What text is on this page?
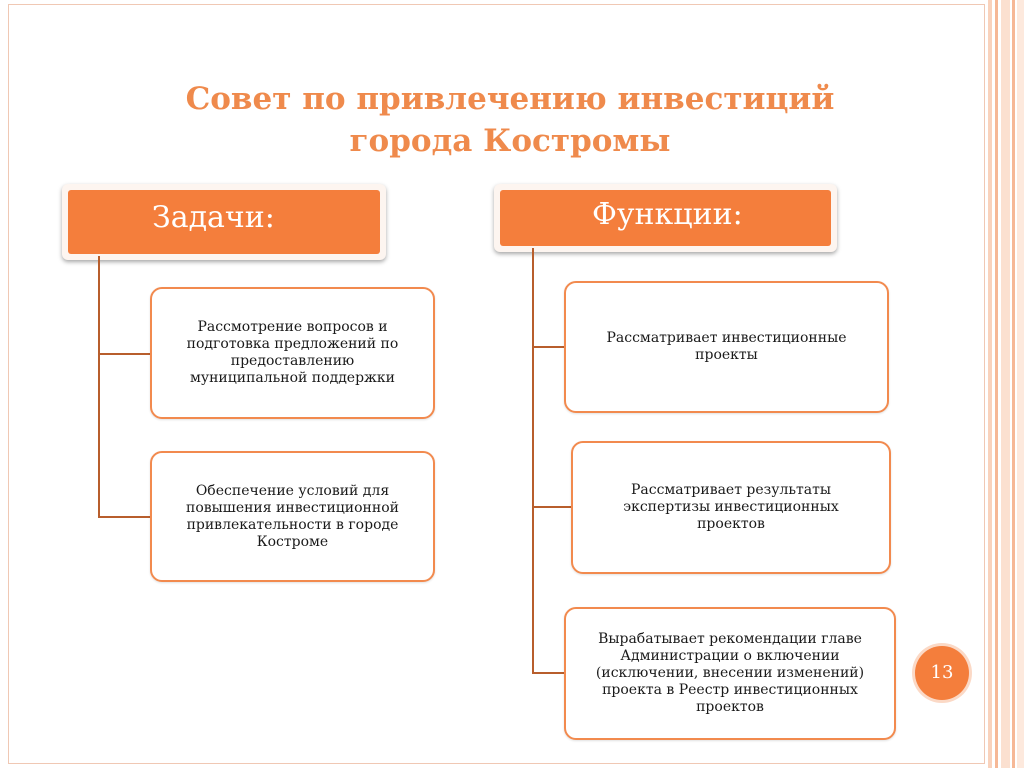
Совет по привлечению инвестиций
города Костромы
Задачи:	Функции:
Рассмотрение вопросов и подготовка предложений по предоставлению муниципальной поддержки
Обеспечение условий для повышения инвестиционной привлекательности в городе Костроме
Рассматривает инвестиционные проекты
Рассматривает результаты экспертизы инвестиционных проектов
Вырабатывает рекомендации главе Администрации о включении (исключении, внесении изменений) проекта в Реестр инвестиционных проектов
13
